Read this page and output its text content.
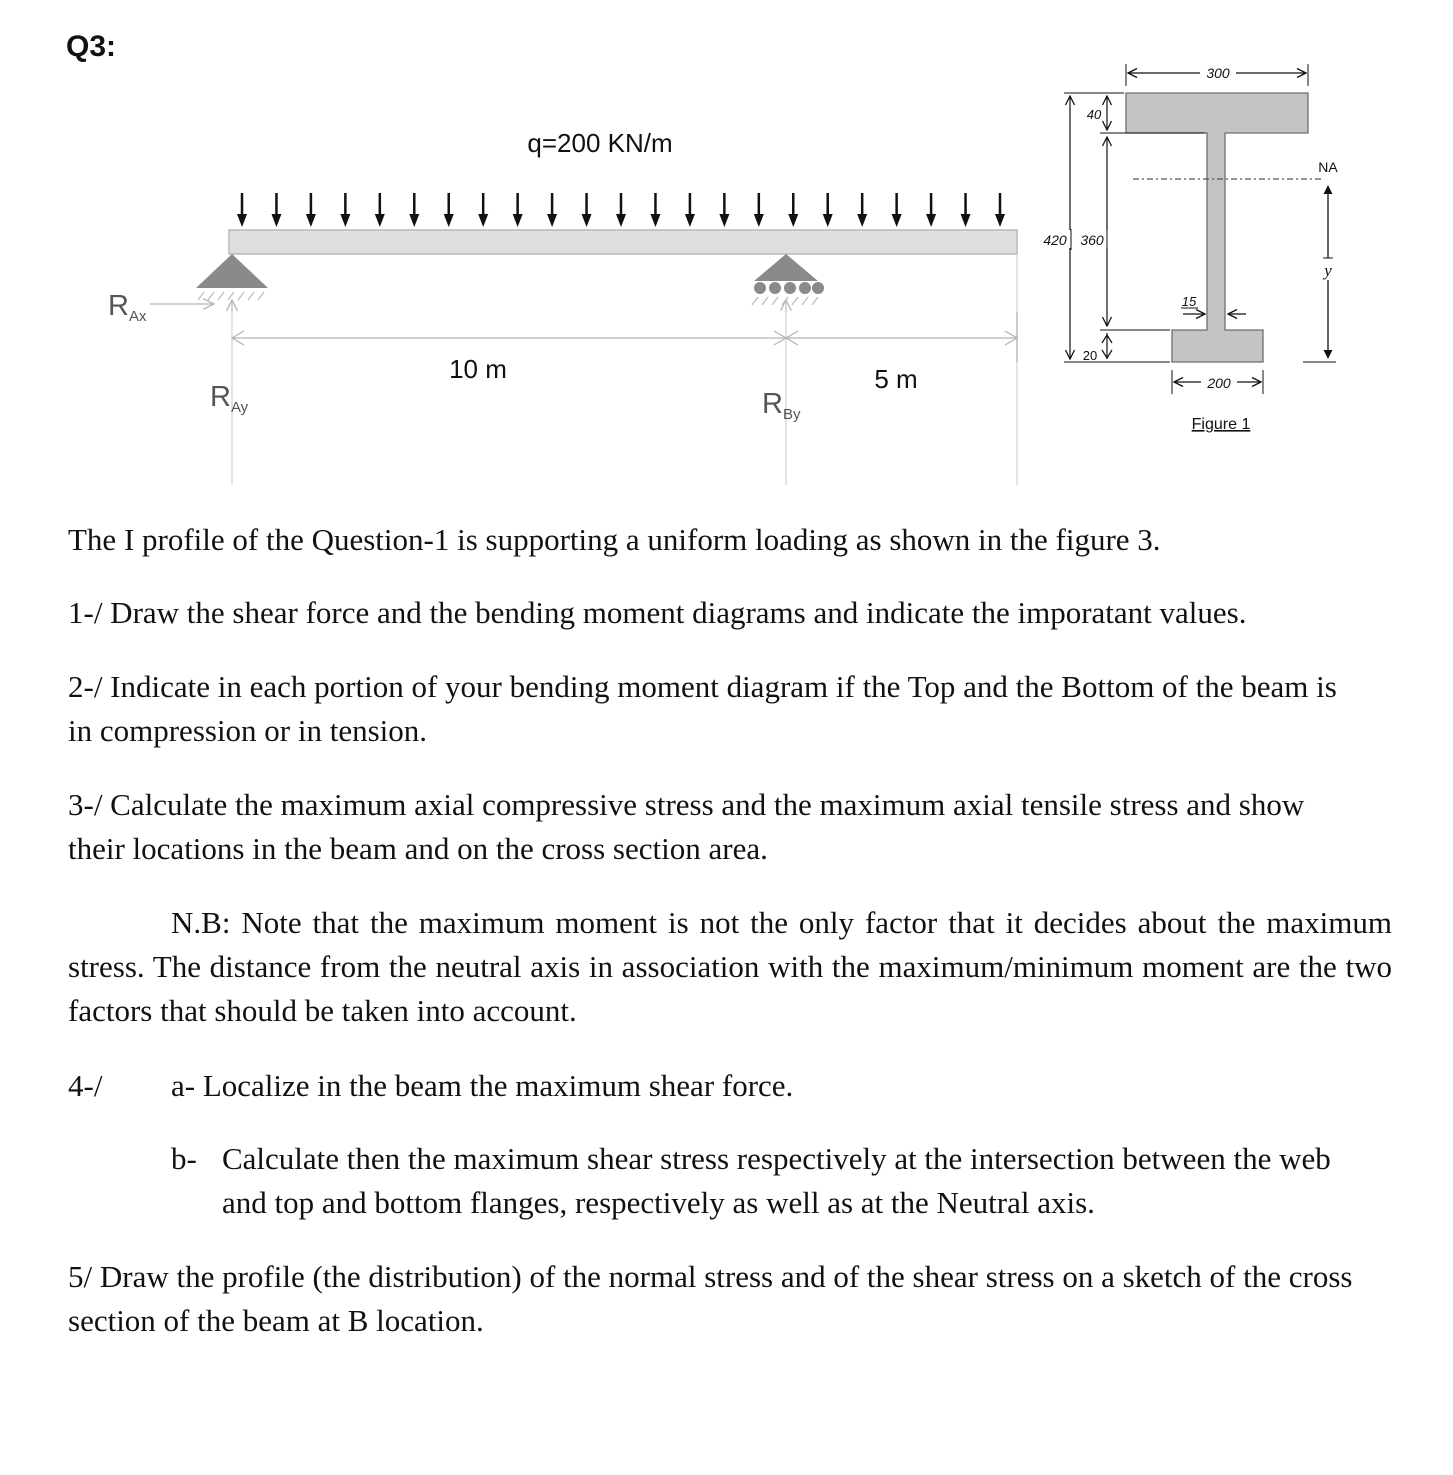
Q3:
q=200 KN/m
$R_{Ax}$
$R_{Ay}$	$R_{By}$
10 m	5 m
NA
y
300
420
40
360
20
15
200
Figure 1

The I profile of the Question-1 is supporting a uniform loading as shown in the figure 3.

1-/ Draw the shear force and the bending moment diagrams and indicate the imporatant values.

2-/ Indicate in each portion of your bending moment diagram if the Top and the Bottom of the beam is in compression or in tension.

3-/ Calculate the maximum axial compressive stress and the maximum axial tensile stress and show their locations in the beam and on the cross section area.

N.B: Note that the maximum moment is not the only factor that it decides about the maximum stress. The distance from the neutral axis in association with the maximum/minimum moment are the two factors that should be taken into account.

4-/ a- Localize in the beam the maximum shear force.

b- Calculate then the maximum shear stress respectively at the intersection between the web and top and bottom flanges, respectively as well as at the Neutral axis.

5/ Draw the profile (the distribution) of the normal stress and of the shear stress on a sketch of the cross section of the beam at B location.
